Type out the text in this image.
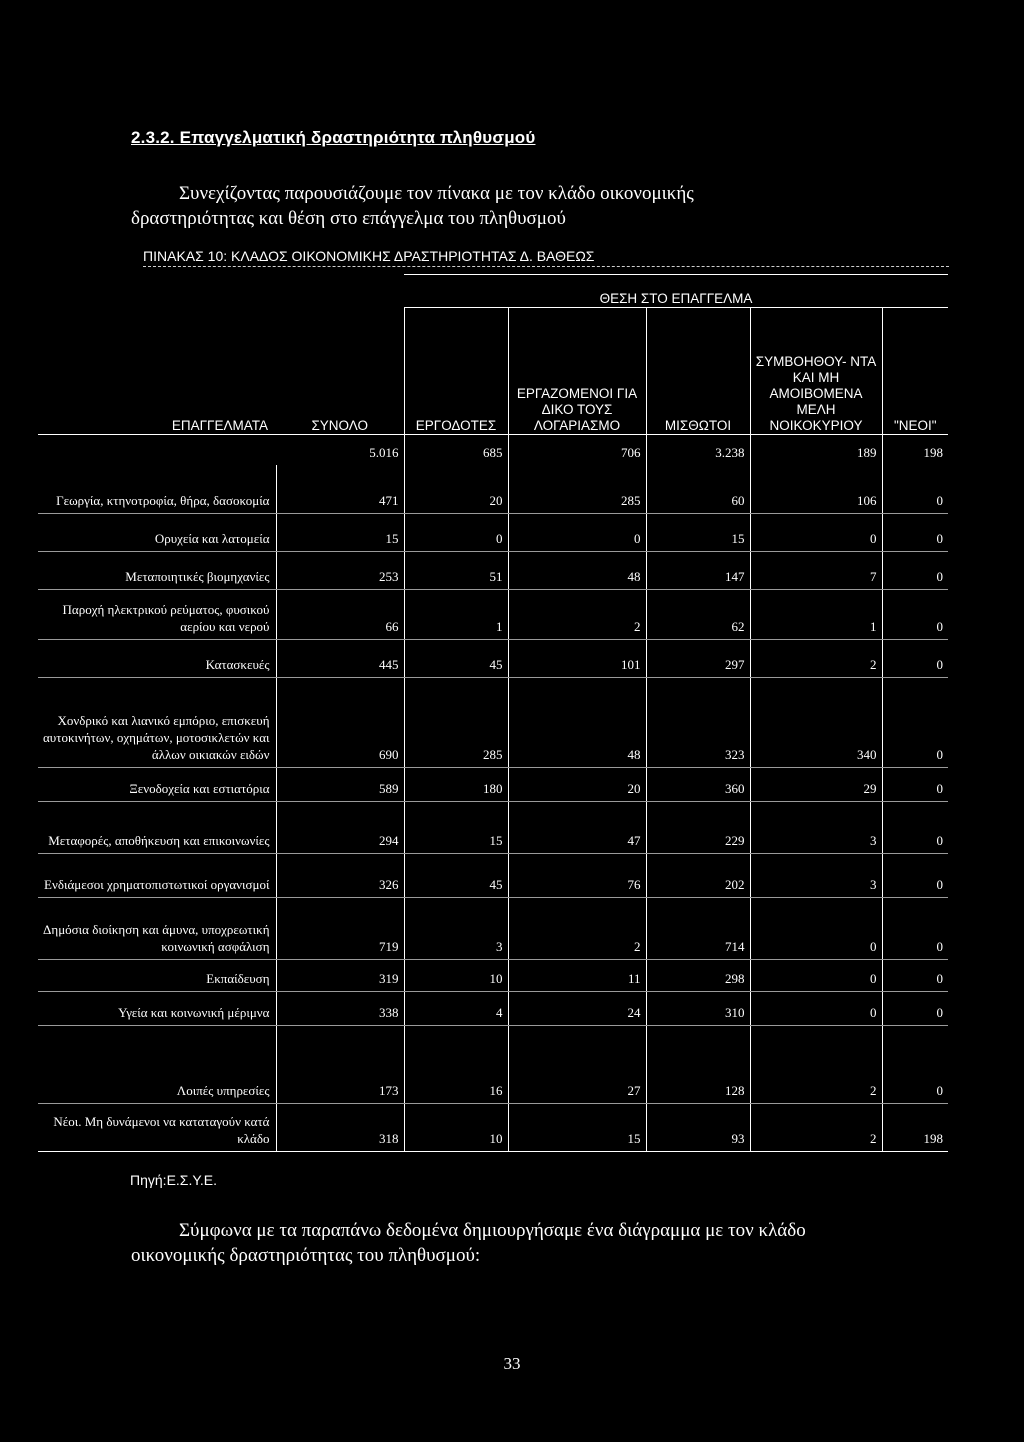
2.3.2. Επαγγελματική δραστηριότητα πληθυσμού
Συνεχίζοντας παρουσιάζουμε τον πίνακα με τον κλάδο οικονομικής
δραστηριότητας και θέση στο επάγγελμα του πληθυσμού
ΠΙΝΑΚΑΣ 10: ΚΛΑΔΟΣ ΟΙΚΟΝΟΜΙΚΗΣ ΔΡΑΣΤΗΡΙΟΤΗΤΑΣ Δ. ΒΑΘΕΩΣ
		ΘΕΣΗ ΣΤΟ ΕΠΑΓΓΕΛΜΑ				
ΕΠΑΓΓΕΛΜΑΤΑ	ΣΥΝΟΛΟ	ΕΡΓΟΔΟΤΕΣ	ΕΡΓΑΖΟΜΕΝΟΙ ΓΙΑ ΔΙΚΟ ΤΟΥΣ ΛΟΓΑΡΙΑΣΜΟ	ΜΙΣΘΩΤΟΙ	ΣΥΜΒΟΗΘΟΥ- ΝΤΑ ΚΑΙ ΜΗ ΑΜΟΙΒΟΜΕΝΑ ΜΕΛΗ ΝΟΙΚΟΚΥΡΙΟΥ	"ΝΕΟΙ"
	5.016	685	706	3.238	189	198
Γεωργία, κτηνοτροφία, θήρα, δασοκομία	471	20	285	60	106	0
Ορυχεία και λατομεία	15	0	0	15	0	0
Μεταποιητικές βιομηχανίες	253	51	48	147	7	0
Παροχή ηλεκτρικού ρεύματος, φυσικού αερίου και νερού	66	1	2	62	1	0
Κατασκευές	445	45	101	297	2	0
Χονδρικό και λιανικό εμπόριο, επισκευή αυτοκινήτων, οχημάτων, μοτοσικλετών και άλλων οικιακών ειδών	690	285	48	323	340	0
Ξενοδοχεία και εστιατόρια	589	180	20	360	29	0
Μεταφορές, αποθήκευση και επικοινωνίες	294	15	47	229	3	0
Ενδιάμεσοι χρηματοπιστωτικοί οργανισμοί	326	45	76	202	3	0
Δημόσια διοίκηση και άμυνα, υποχρεωτική κοινωνική ασφάλιση	719	3	2	714	0	0
Εκπαίδευση	319	10	11	298	0	0
Υγεία και κοινωνική μέριμνα	338	4	24	310	0	0
Λοιπές υπηρεσίες	173	16	27	128	2	0
Νέοι. Μη δυνάμενοι να καταταγούν κατά κλάδο	318	10	15	93	2	198
Πηγή:Ε.Σ.Υ.Ε.
Σύμφωνα με τα παραπάνω δεδομένα δημιουργήσαμε ένα διάγραμμα με τον κλάδο
οικονομικής δραστηριότητας του πληθυσμού:
33
